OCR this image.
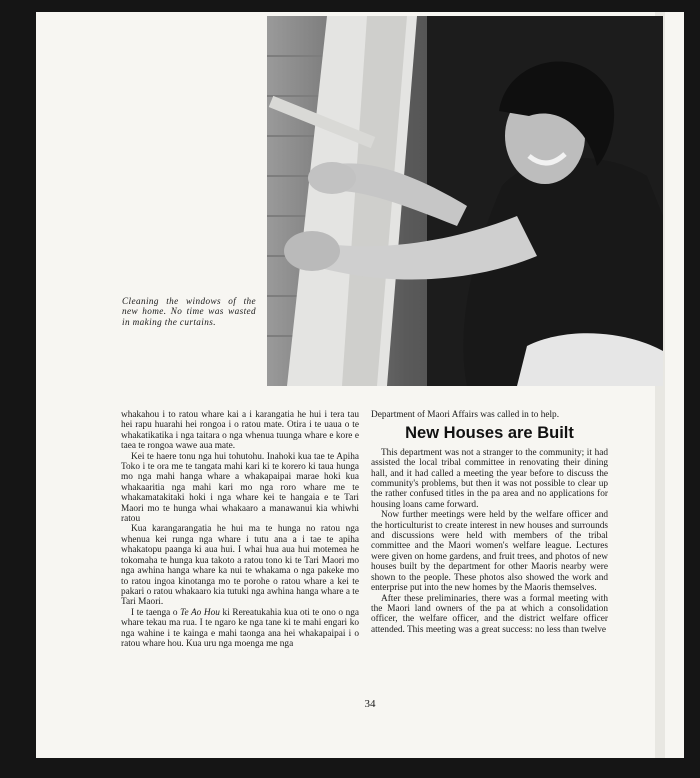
Cleaning the windows of the new home. No time was wasted in making the curtains.

whakahou i to ratou whare kai a i karangatia he hui i tera tau hei rapu huarahi hei rongoa i o ratou mate. Otira i te uaua o te whakatikatika i nga taitara o nga whenua tuunga whare e kore e taea te rongoa wawe aua mate.

Kei te haere tonu nga hui tohutohu. Inahoki kua tae te Apiha Toko i te ora me te tangata mahi kari ki te korero ki taua hunga mo nga mahi hanga whare a whakapaipai marae hoki kua whakaaritia nga mahi kari mo nga roro whare me te whakamatakitaki hoki i nga whare kei te hangaia e te Tari Maori mo te hunga whai whakaaro a manawanui kia whiwhi ratou

Kua karangarangatia he hui ma te hunga no ratou nga whenua kei runga nga whare i tutu ana a i tae te apiha whakatopu paanga ki aua hui. I whai hua aua hui motemea he tokomaha te hunga kua takoto a ratou tono ki te Tari Maori mo nga awhina hanga whare ka nui te whakama o nga pakeke mo to ratou ingoa kinotanga mo te porohe o ratou whare a kei te pakari o ratou whakaaro kia tutuki nga awhina hanga whare a te Tari Maori.

I te taenga o Te Ao Hou ki Rereatukahia kua oti te ono o nga whare tekau ma rua. I te ngaro ke nga tane ki te mahi engari ko nga wahine i te kainga e mahi taonga ana hei whakapaipai i o ratou whare hou. Kua uru nga moenga me nga

Department of Maori Affairs was called in to help.

New Houses are Built

This department was not a stranger to the community; it had assisted the local tribal committee in renovating their dining hall, and it had called a meeting the year before to discuss the community's problems, but then it was not possible to clear up the rather confused titles in the pa area and no applications for housing loans came forward.

Now further meetings were held by the welfare officer and the horticulturist to create interest in new houses and surrounds and discussions were held with members of the tribal committee and the Maori women's welfare league. Lectures were given on home gardens, and fruit trees, and photos of new houses built by the department for other Maoris nearby were shown to the people. These photos also showed the work and enterprise put into the new homes by the Maoris themselves.

After these preliminaries, there was a formal meeting with the Maori land owners of the pa at which a consolidation officer, the welfare officer, and the district welfare officer attended. This meeting was a great success: no less than twelve

34
